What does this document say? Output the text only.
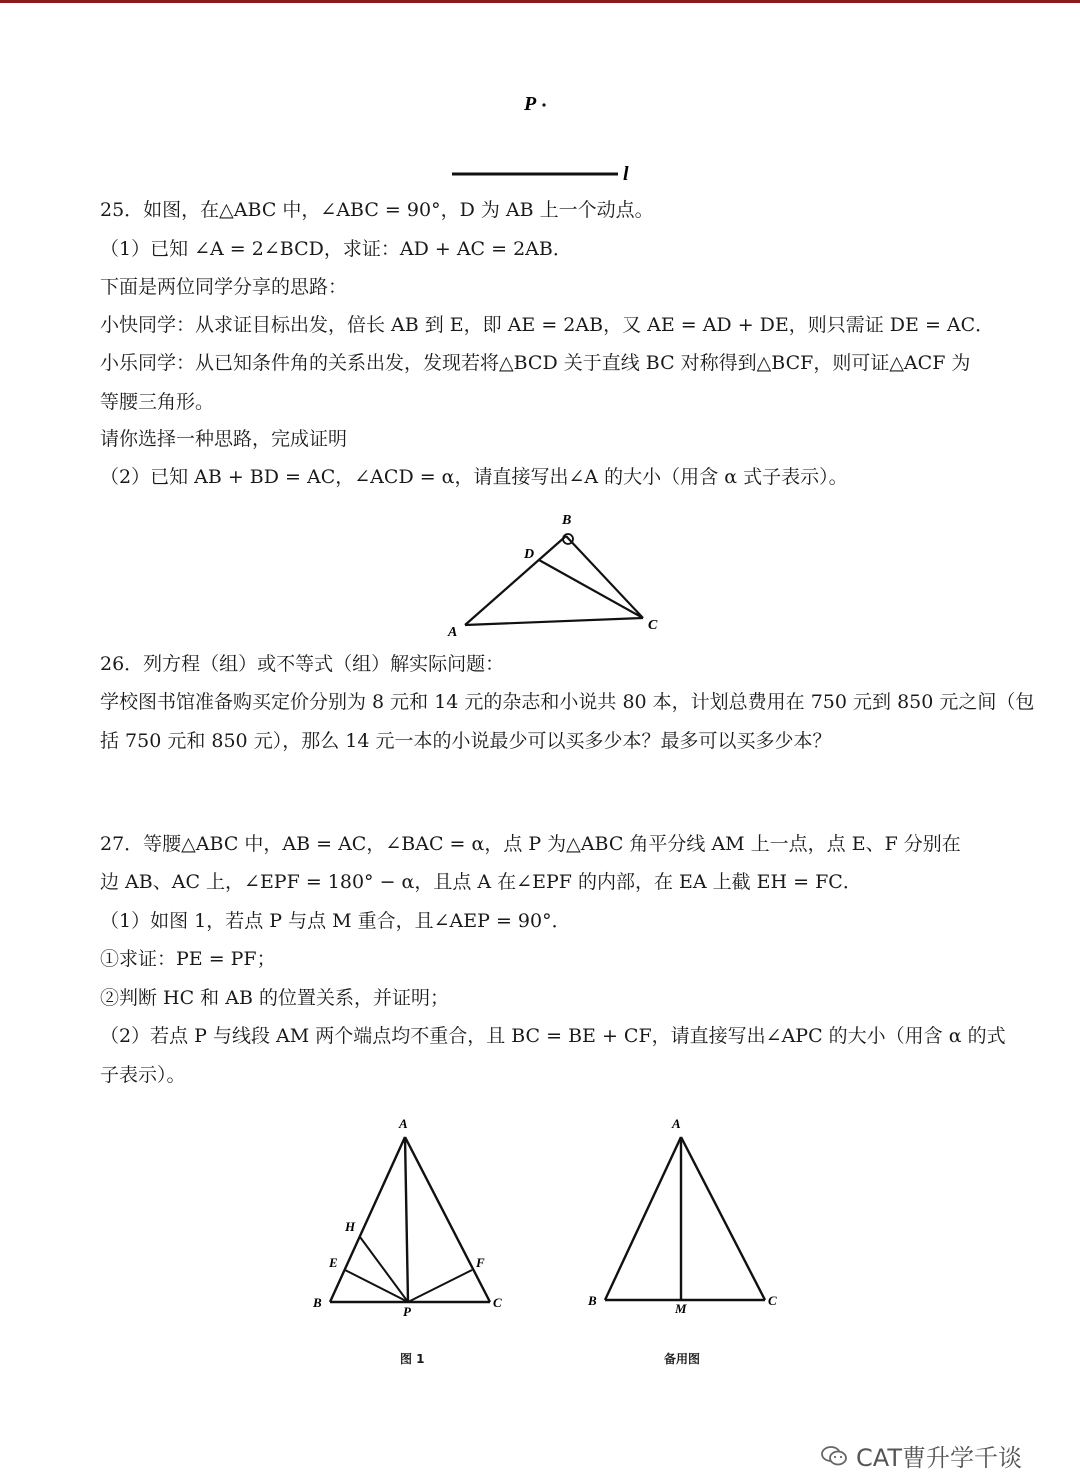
P
l
25．如图，在△ABC 中，∠ABC = 90°，D 为 AB 上一个动点。
（1）已知 ∠A = 2∠BCD，求证：AD + AC = 2AB．
下面是两位同学分享的思路：
小快同学：从求证目标出发，倍长 AB 到 E，即 AE = 2AB，又 AE = AD + DE，则只需证 DE = AC．
小乐同学：从已知条件角的关系出发，发现若将△BCD 关于直线 BC 对称得到△BCF，则可证△ACF 为
等腰三角形。
请你选择一种思路，完成证明
（2）已知 AB + BD = AC，∠ACD = α，请直接写出∠A 的大小（用含 α 式子表示）。
A
B
C
D
26．列方程（组）或不等式（组）解实际问题：
学校图书馆准备购买定价分别为 8 元和 14 元的杂志和小说共 80 本，计划总费用在 750 元到 850 元之间（包
括 750 元和 850 元），那么 14 元一本的小说最少可以买多少本？最多可以买多少本？
27．等腰△ABC 中，AB = AC，∠BAC = α，点 P 为△ABC 角平分线 AM 上一点，点 E、F 分别在
边 AB、AC 上，∠EPF = 180° − α，且点 A 在∠EPF 的内部，在 EA 上截 EH = FC．
（1）如图 1，若点 P 与点 M 重合，且∠AEP = 90°．
①求证：PE = PF；
②判断 HC 和 AB 的位置关系，并证明；
（2）若点 P 与线段 AM 两个端点均不重合，且 BC = BE + CF，请直接写出∠APC 的大小（用含 α 的式
子表示）。
A
B	C
P
E	F
H
图 1
A
B	C
M
备用图
CAT曹升学千谈
